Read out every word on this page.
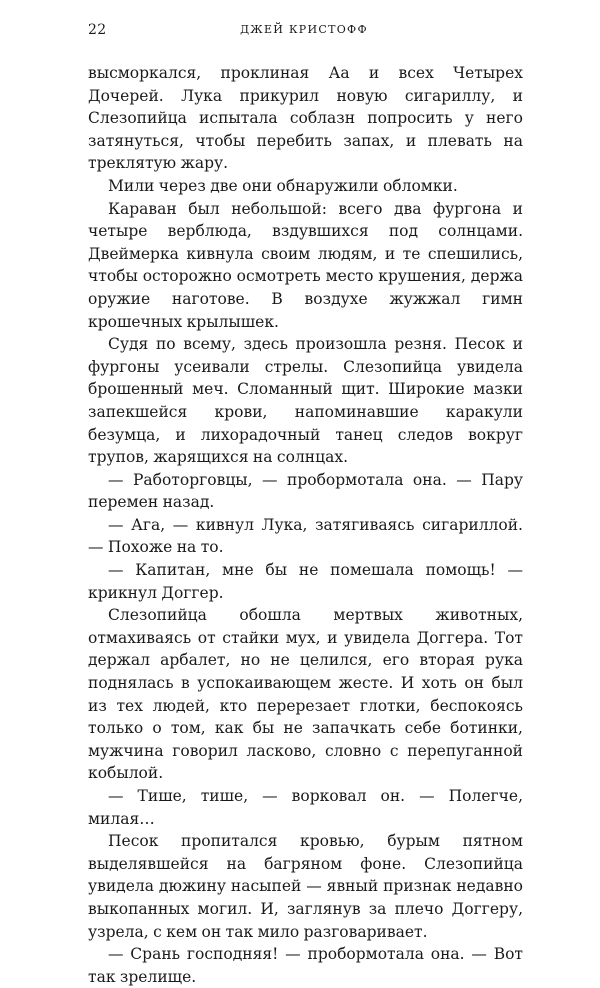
22	ДЖЕЙ КРИСТОФФ

высморкался, проклиная Аа и всех Четырех Дочерей. Лука прикурил новую сигариллу, и Слезопийца испытала соблазн попросить у него затянуться, чтобы перебить запах, и плевать на треклятую жару.

Мили через две они обнаружили обломки.

Караван был небольшой: всего два фургона и четыре верблюда, вздувшихся под солнцами. Двеймерка кивнула своим людям, и те спешились, чтобы осторожно осмотреть место крушения, держа оружие наготове. В воздухе жужжал гимн крошечных крылышек.

Судя по всему, здесь произошла резня. Песок и фургоны усеивали стрелы. Слезопийца увидела брошенный меч. Сломанный щит. Широкие мазки запекшейся крови, напоминавшие каракули безумца, и лихорадочный танец следов вокруг трупов, жарящихся на солнцах.

— Работорговцы, — пробормотала она. — Пару перемен назад.

— Ага, — кивнул Лука, затягиваясь сигариллой. — Похоже на то.

— Капитан, мне бы не помешала помощь! — крикнул Доггер.

Слезопийца обошла мертвых животных, отмахиваясь от стайки мух, и увидела Доггера. Тот держал арбалет, но не целился, его вторая рука поднялась в успокаивающем жесте. И хоть он был из тех людей, кто перерезает глотки, беспокоясь только о том, как бы не запачкать себе ботинки, мужчина говорил ласково, словно с перепуганной кобылой.

— Тише, тише, — ворковал он. — Полегче, милая…

Песок пропитался кровью, бурым пятном выделявшейся на багряном фоне. Слезопийца увидела дюжину насыпей — явный признак недавно выкопанных могил. И, заглянув за плечо Доггеру, узрела, с кем он так мило разговаривает.

— Срань господняя! — пробормотала она. — Вот так зрелище.
